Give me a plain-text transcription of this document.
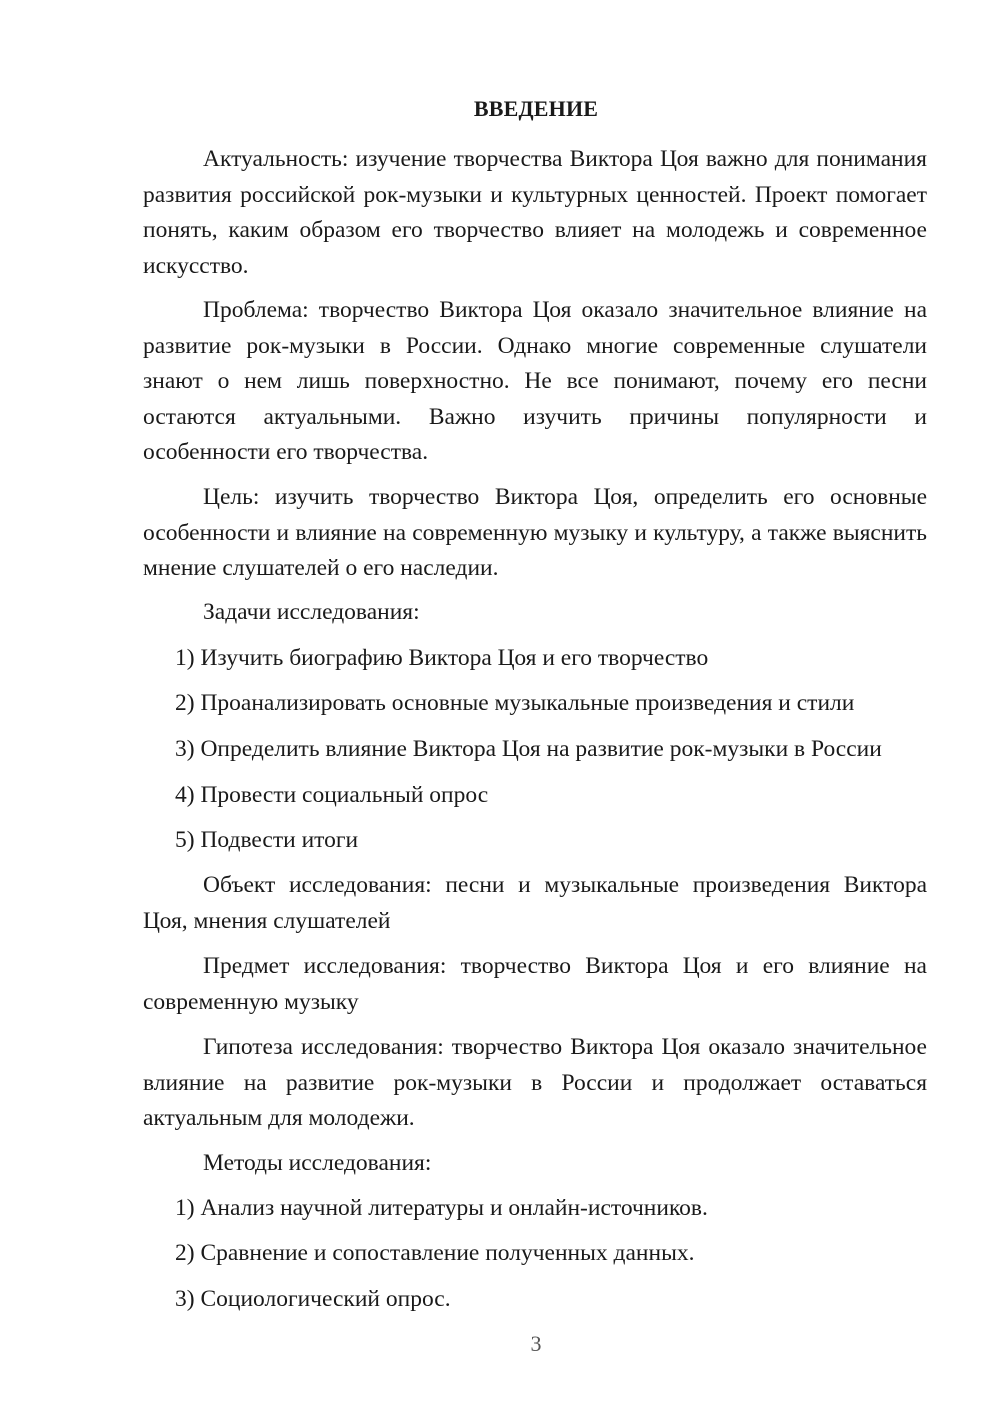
ВВЕДЕНИЕ

Актуальность: изучение творчества Виктора Цоя важно для понимания развития российской рок-музыки и культурных ценностей. Проект помогает понять, каким образом его творчество влияет на молодежь и современное искусство.

Проблема: творчество Виктора Цоя оказало значительное влияние на развитие рок-музыки в России. Однако многие современные слушатели знают о нем лишь поверхностно. Не все понимают, почему его песни остаются актуальными. Важно изучить причины популярности и особенности его творчества.

Цель: изучить творчество Виктора Цоя, определить его основные особенности и влияние на современную музыку и культуру, а также выяснить мнение слушателей о его наследии.

Задачи исследования:

1) Изучить биографию Виктора Цоя и его творчество

2) Проанализировать основные музыкальные произведения и стили

3) Определить влияние Виктора Цоя на развитие рок-музыки в России

4) Провести социальный опрос

5) Подвести итоги

Объект исследования: песни и музыкальные произведения Виктора Цоя, мнения слушателей

Предмет исследования: творчество Виктора Цоя и его влияние на современную музыку

Гипотеза исследования: творчество Виктора Цоя оказало значительное влияние на развитие рок-музыки в России и продолжает оставаться актуальным для молодежи.

Методы исследования:

1) Анализ научной литературы и онлайн-источников.

2) Сравнение и сопоставление полученных данных.

3) Социологический опрос.

3
